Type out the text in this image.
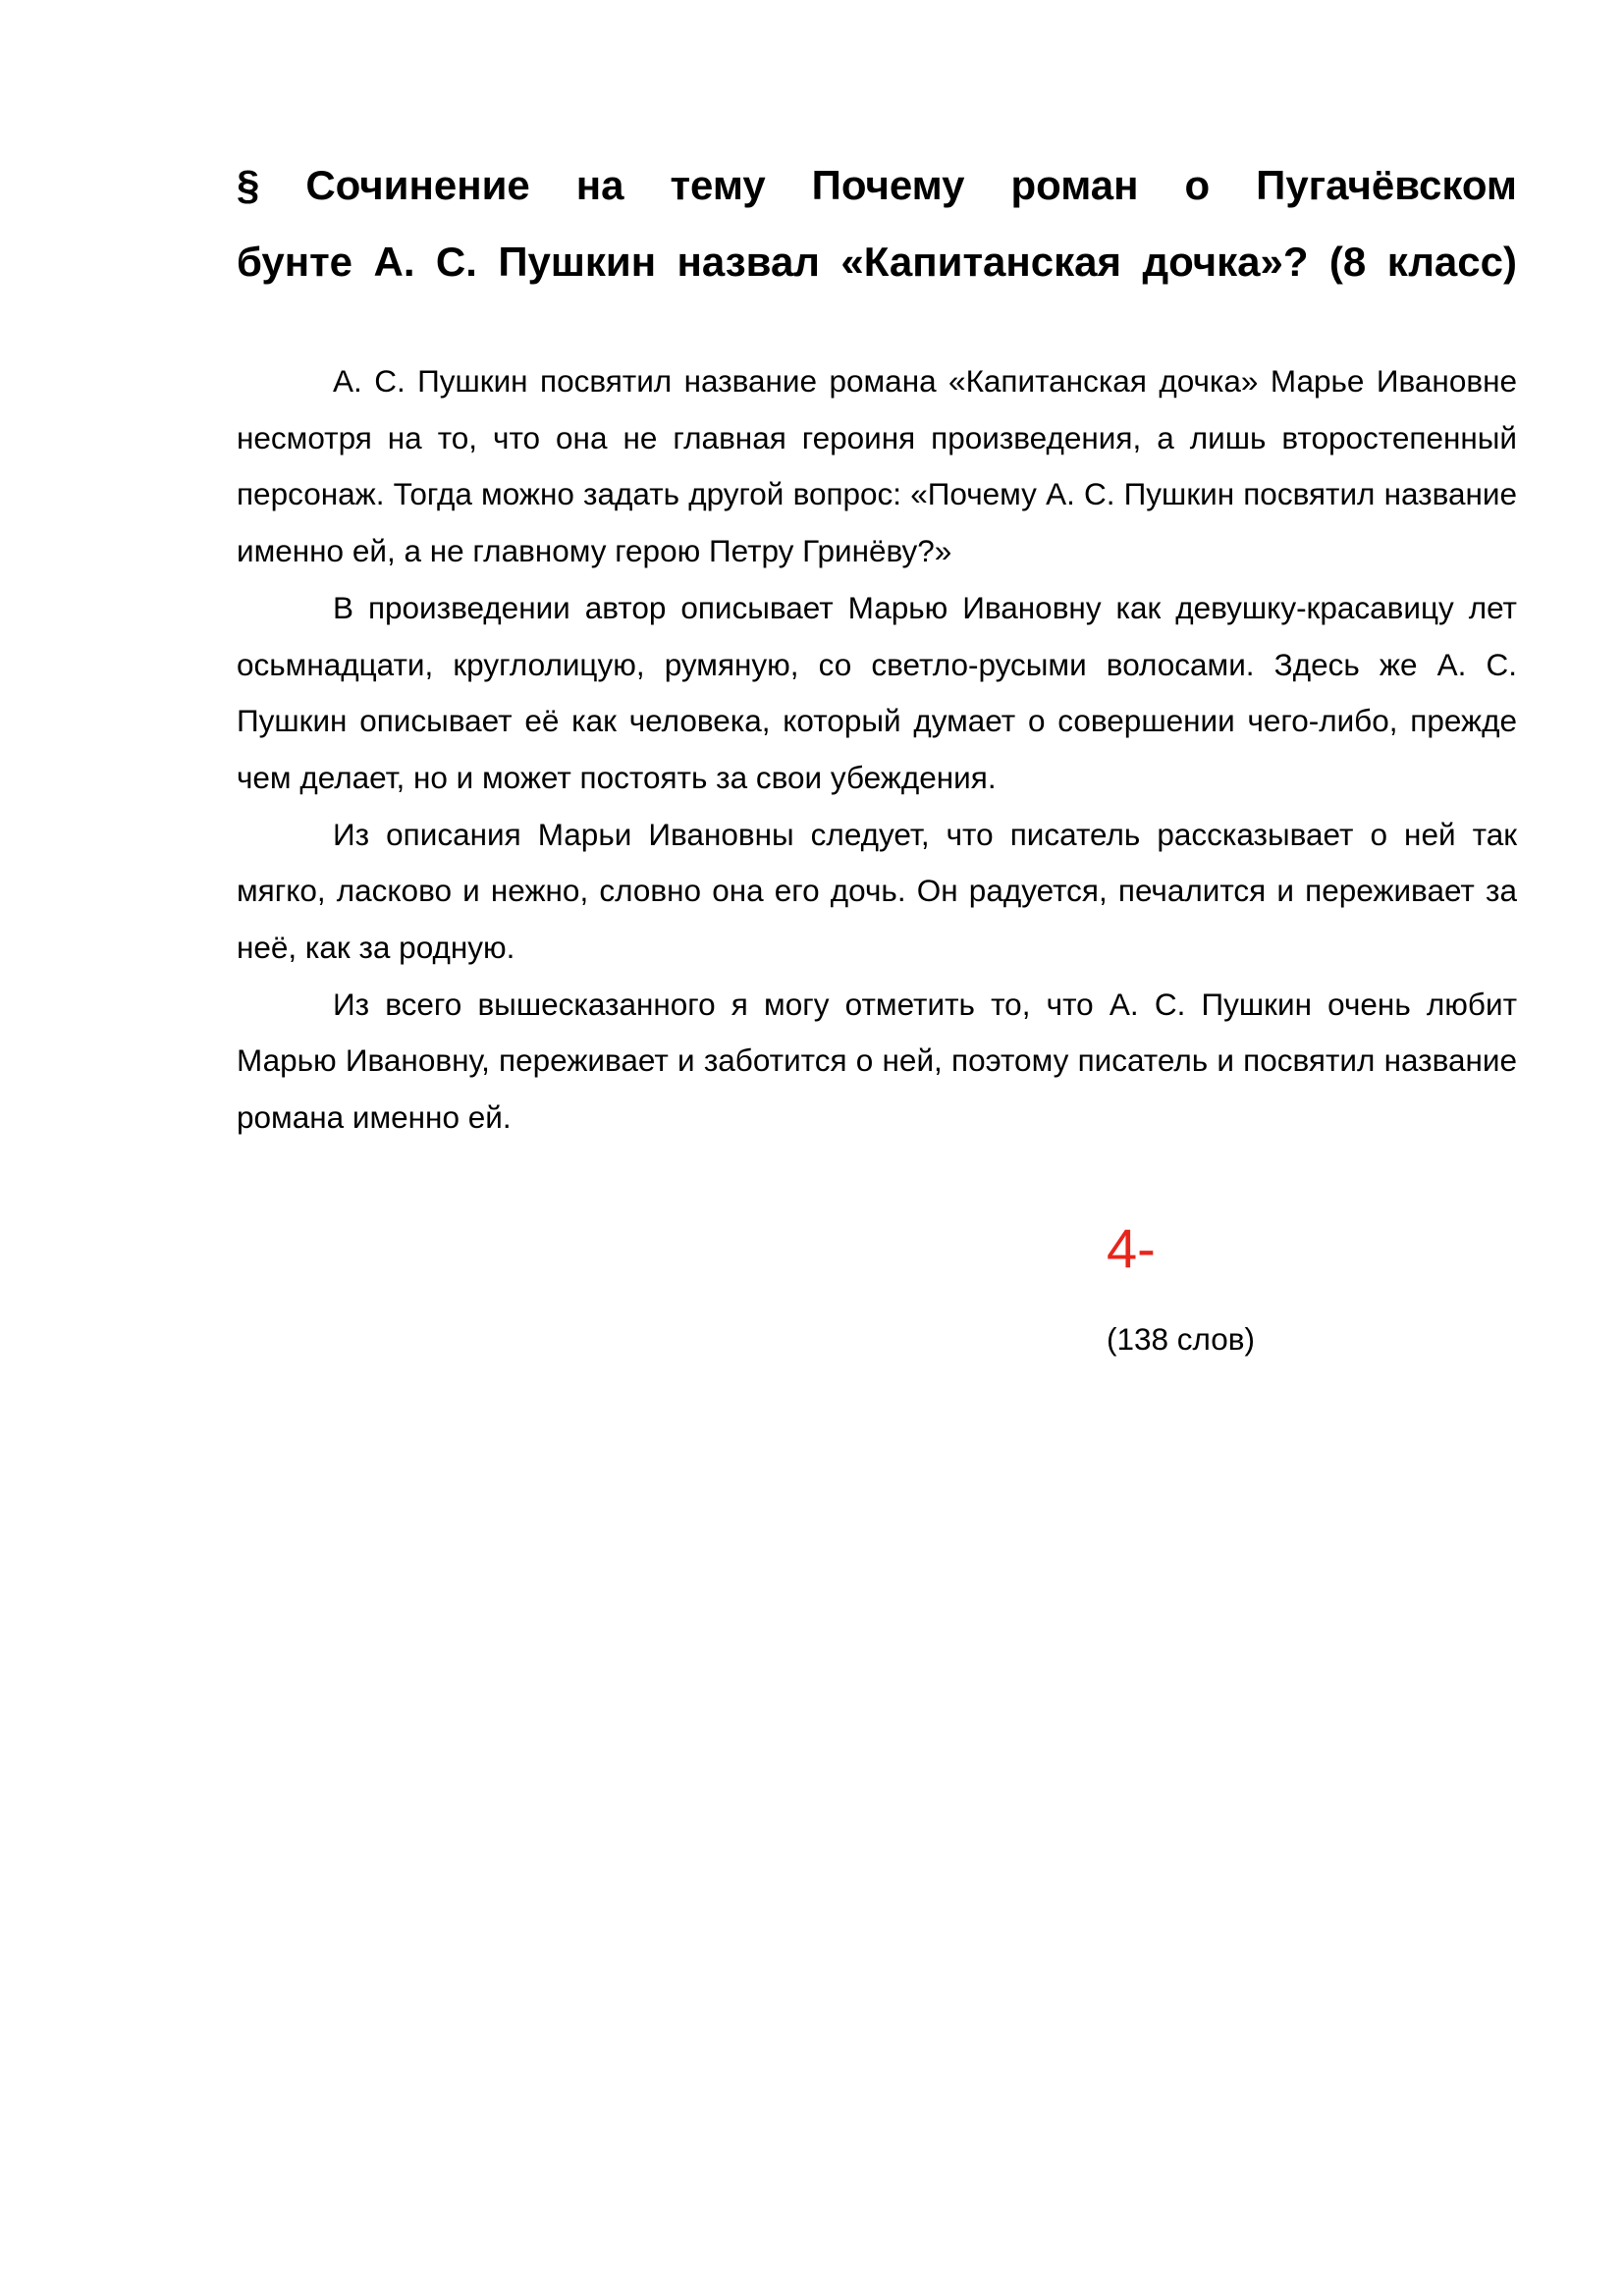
§ Сочинение на тему Почему роман о Пугачёвском
бунте А. С. Пушкин назвал «Капитанская дочка»? (8 класс)

А. С. Пушкин посвятил название романа «Капитанская дочка» Марье Ивановне несмотря на то, что она не главная героиня произведения, а лишь второстепенный персонаж. Тогда можно задать другой вопрос: «Почему А. С. Пушкин посвятил название именно ей, а не главному герою Петру Гринёву?»

В произведении автор описывает Марью Ивановну как девушку-красавицу лет осьмнадцати, круглолицую, румяную, со светло-русыми волосами. Здесь же А. С. Пушкин описывает её как человека, который думает о совершении чего-либо, прежде чем делает, но и может постоять за свои убеждения.

Из описания Марьи Ивановны следует, что писатель рассказывает о ней так мягко, ласково и нежно, словно она его дочь. Он радуется, печалится и переживает за неё, как за родную.

Из всего вышесказанного я могу отметить то, что А. С. Пушкин очень любит Марью Ивановну, переживает и заботится о ней, поэтому писатель и посвятил название романа именно ей.

4-
(138 слов)
